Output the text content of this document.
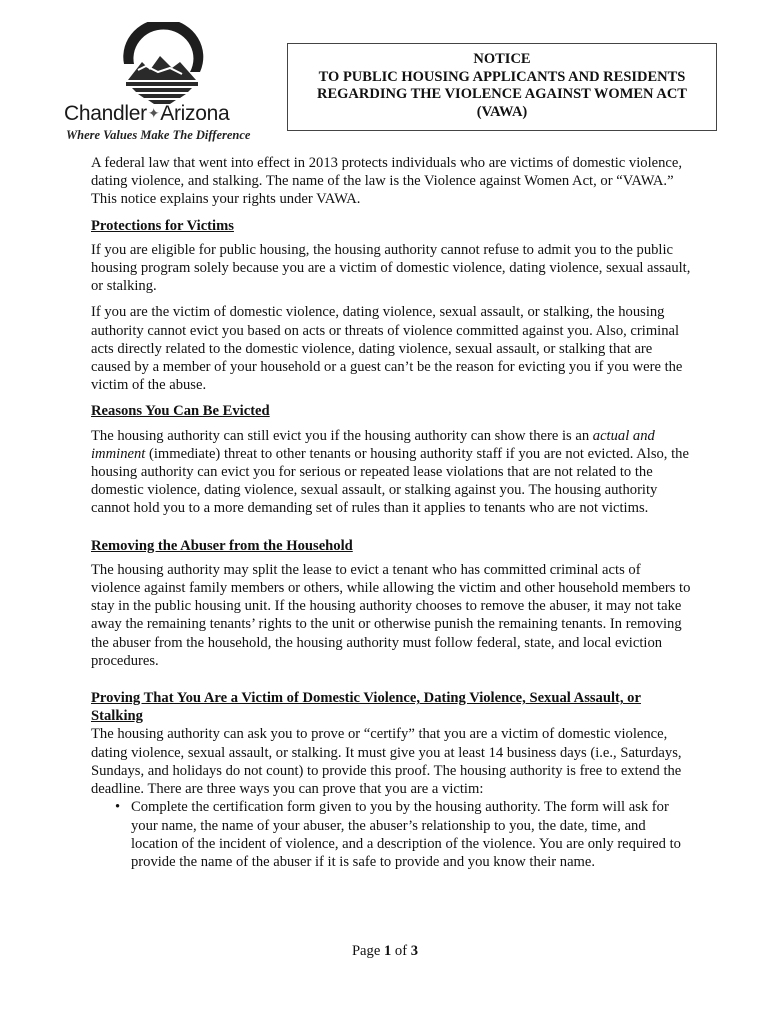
Chandler✦Arizona
Where Values Make The Difference
NOTICE
TO PUBLIC HOUSING APPLICANTS AND RESIDENTS
REGARDING THE VIOLENCE AGAINST WOMEN ACT
(VAWA)

A federal law that went into effect in 2013 protects individuals who are victims of domestic violence, dating violence, and stalking. The name of the law is the Violence against Women Act, or “VAWA.” This notice explains your rights under VAWA.

Protections for Victims

If you are eligible for public housing, the housing authority cannot refuse to admit you to the public housing program solely because you are a victim of domestic violence, dating violence, sexual assault, or stalking.

If you are the victim of domestic violence, dating violence, sexual assault, or stalking, the housing authority cannot evict you based on acts or threats of violence committed against you. Also, criminal acts directly related to the domestic violence, dating violence, sexual assault, or stalking that are caused by a member of your household or a guest can’t be the reason for evicting you if you were the victim of the abuse.

Reasons You Can Be Evicted

The housing authority can still evict you if the housing authority can show there is an actual and imminent (immediate) threat to other tenants or housing authority staff if you are not evicted. Also, the housing authority can evict you for serious or repeated lease violations that are not related to the domestic violence, dating violence, sexual assault, or stalking against you. The housing authority cannot hold you to a more demanding set of rules than it applies to tenants who are not victims.

Removing the Abuser from the Household

The housing authority may split the lease to evict a tenant who has committed criminal acts of violence against family members or others, while allowing the victim and other household members to stay in the public housing unit. If the housing authority chooses to remove the abuser, it may not take away the remaining tenants’ rights to the unit or otherwise punish the remaining tenants. In removing the abuser from the household, the housing authority must follow federal, state, and local eviction procedures.

Proving That You Are a Victim of Domestic Violence, Dating Violence, Sexual Assault, or Stalking

The housing authority can ask you to prove or “certify” that you are a victim of domestic violence, dating violence, sexual assault, or stalking. It must give you at least 14 business days (i.e., Saturdays, Sundays, and holidays do not count) to provide this proof. The housing authority is free to extend the deadline. There are three ways you can prove that you are a victim:

• Complete the certification form given to you by the housing authority. The form will ask for your name, the name of your abuser, the abuser’s relationship to you, the date, time, and location of the incident of violence, and a description of the violence. You are only required to provide the name of the abuser if it is safe to provide and you know their name.
Page 1 of 3
